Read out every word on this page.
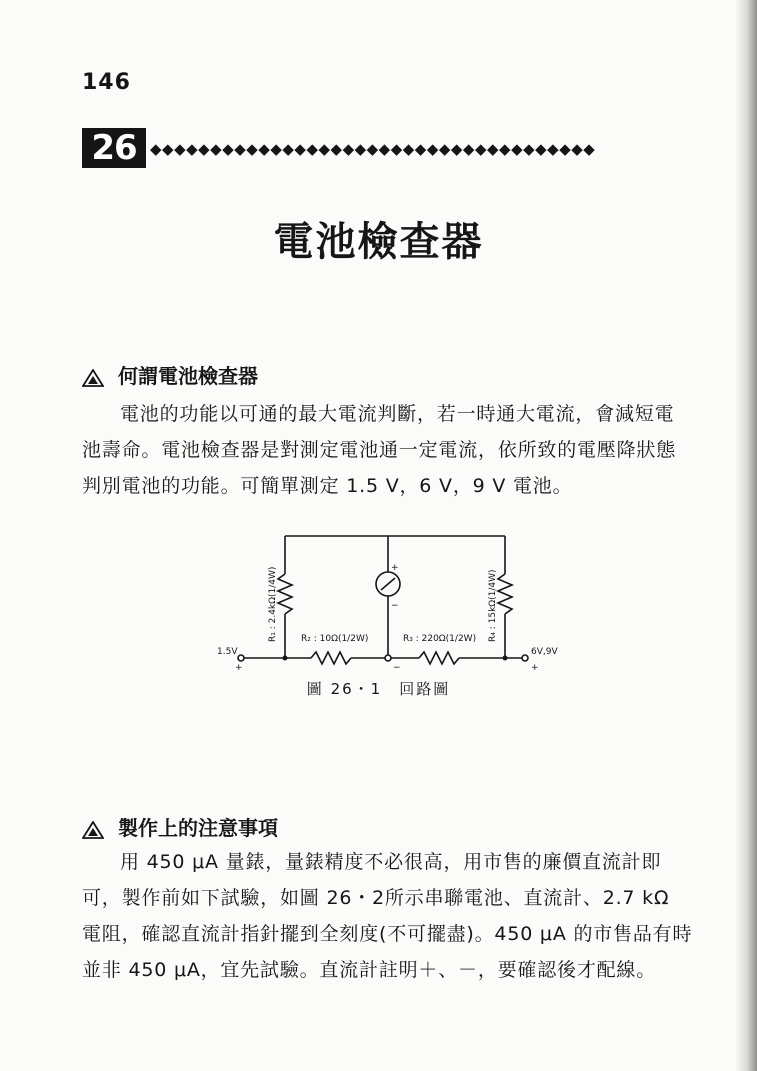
146
26 ◆◆◆◆◆◆◆◆◆◆◆◆◆◆◆◆◆◆◆◆◆◆◆◆◆◆◆◆◆◆◆◆◆◆◆◆◆
電池檢查器
何謂電池檢查器
電池的功能以可通的最大電流判斷，若一時通大電流，會減短電池壽命。電池檢查器是對測定電池通一定電流，依所致的電壓降狀態判別電池的功能。可簡單測定 1.5 V，6 V，9 V 電池。
R₁ : 2.4kΩ(1/4W)	R₄ : 15kΩ(1/4W)
R₂ : 10Ω(1/2W)	R₃ : 220Ω(1/2W)
1.5V
+
6V,9V
+
−
+
−
圖 26・1　回路圖
製作上的注意事項
用 450 μA 量錶，量錶精度不必很高，用市售的廉價直流計即可，製作前如下試驗，如圖 26・2所示串聯電池、直流計、2.7 kΩ 電阻，確認直流計指針擺到全刻度(不可擺盡)。450 μA 的市售品有時並非 450 μA，宜先試驗。直流計註明＋、－，要確認後才配線。
